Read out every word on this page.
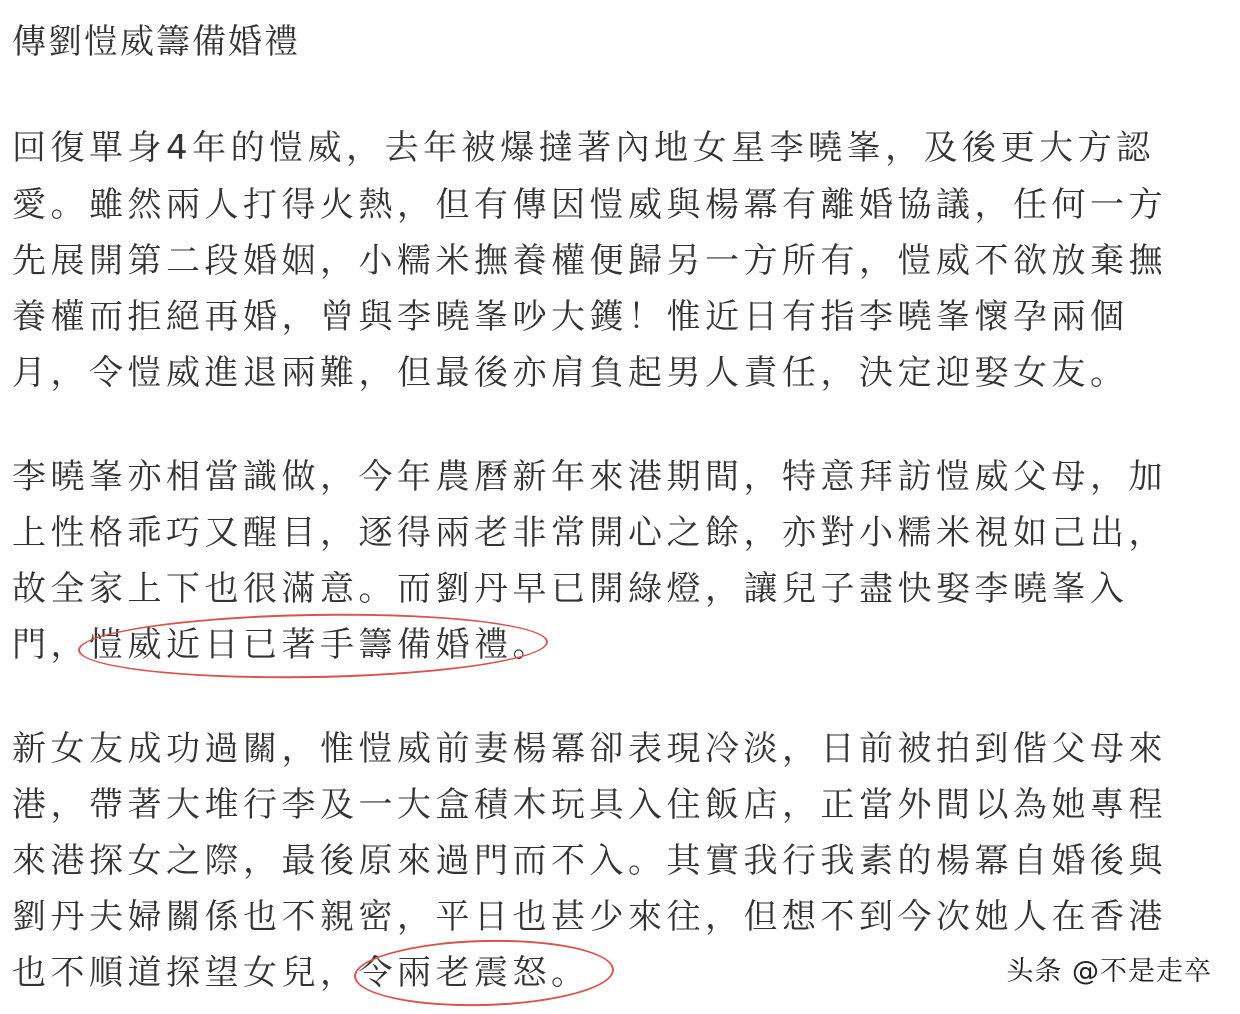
傳劉愷威籌備婚禮
回復單身4年的愷威，去年被爆撻著內地女星李曉峯，及後更大方認
愛。雖然兩人打得火熱，但有傳因愷威與楊冪有離婚協議，任何一方
先展開第二段婚姻，小糯米撫養權便歸另一方所有，愷威不欲放棄撫
養權而拒絕再婚，曾與李曉峯吵大鑊！惟近日有指李曉峯懷孕兩個
月，令愷威進退兩難，但最後亦肩負起男人責任，決定迎娶女友。
李曉峯亦相當識做，今年農曆新年來港期間，特意拜訪愷威父母，加
上性格乖巧又醒目，逐得兩老非常開心之餘，亦對小糯米視如己出，
故全家上下也很滿意。而劉丹早已開綠燈，讓兒子盡快娶李曉峯入
門，愷威近日已著手籌備婚禮。
新女友成功過關，惟愷威前妻楊冪卻表現冷淡，日前被拍到偕父母來
港，帶著大堆行李及一大盒積木玩具入住飯店，正當外間以為她專程
來港探女之際，最後原來過門而不入。其實我行我素的楊冪自婚後與
劉丹夫婦關係也不親密，平日也甚少來往，但想不到今次她人在香港
也不順道探望女兒，令兩老震怒。	头条 @不是走卒
